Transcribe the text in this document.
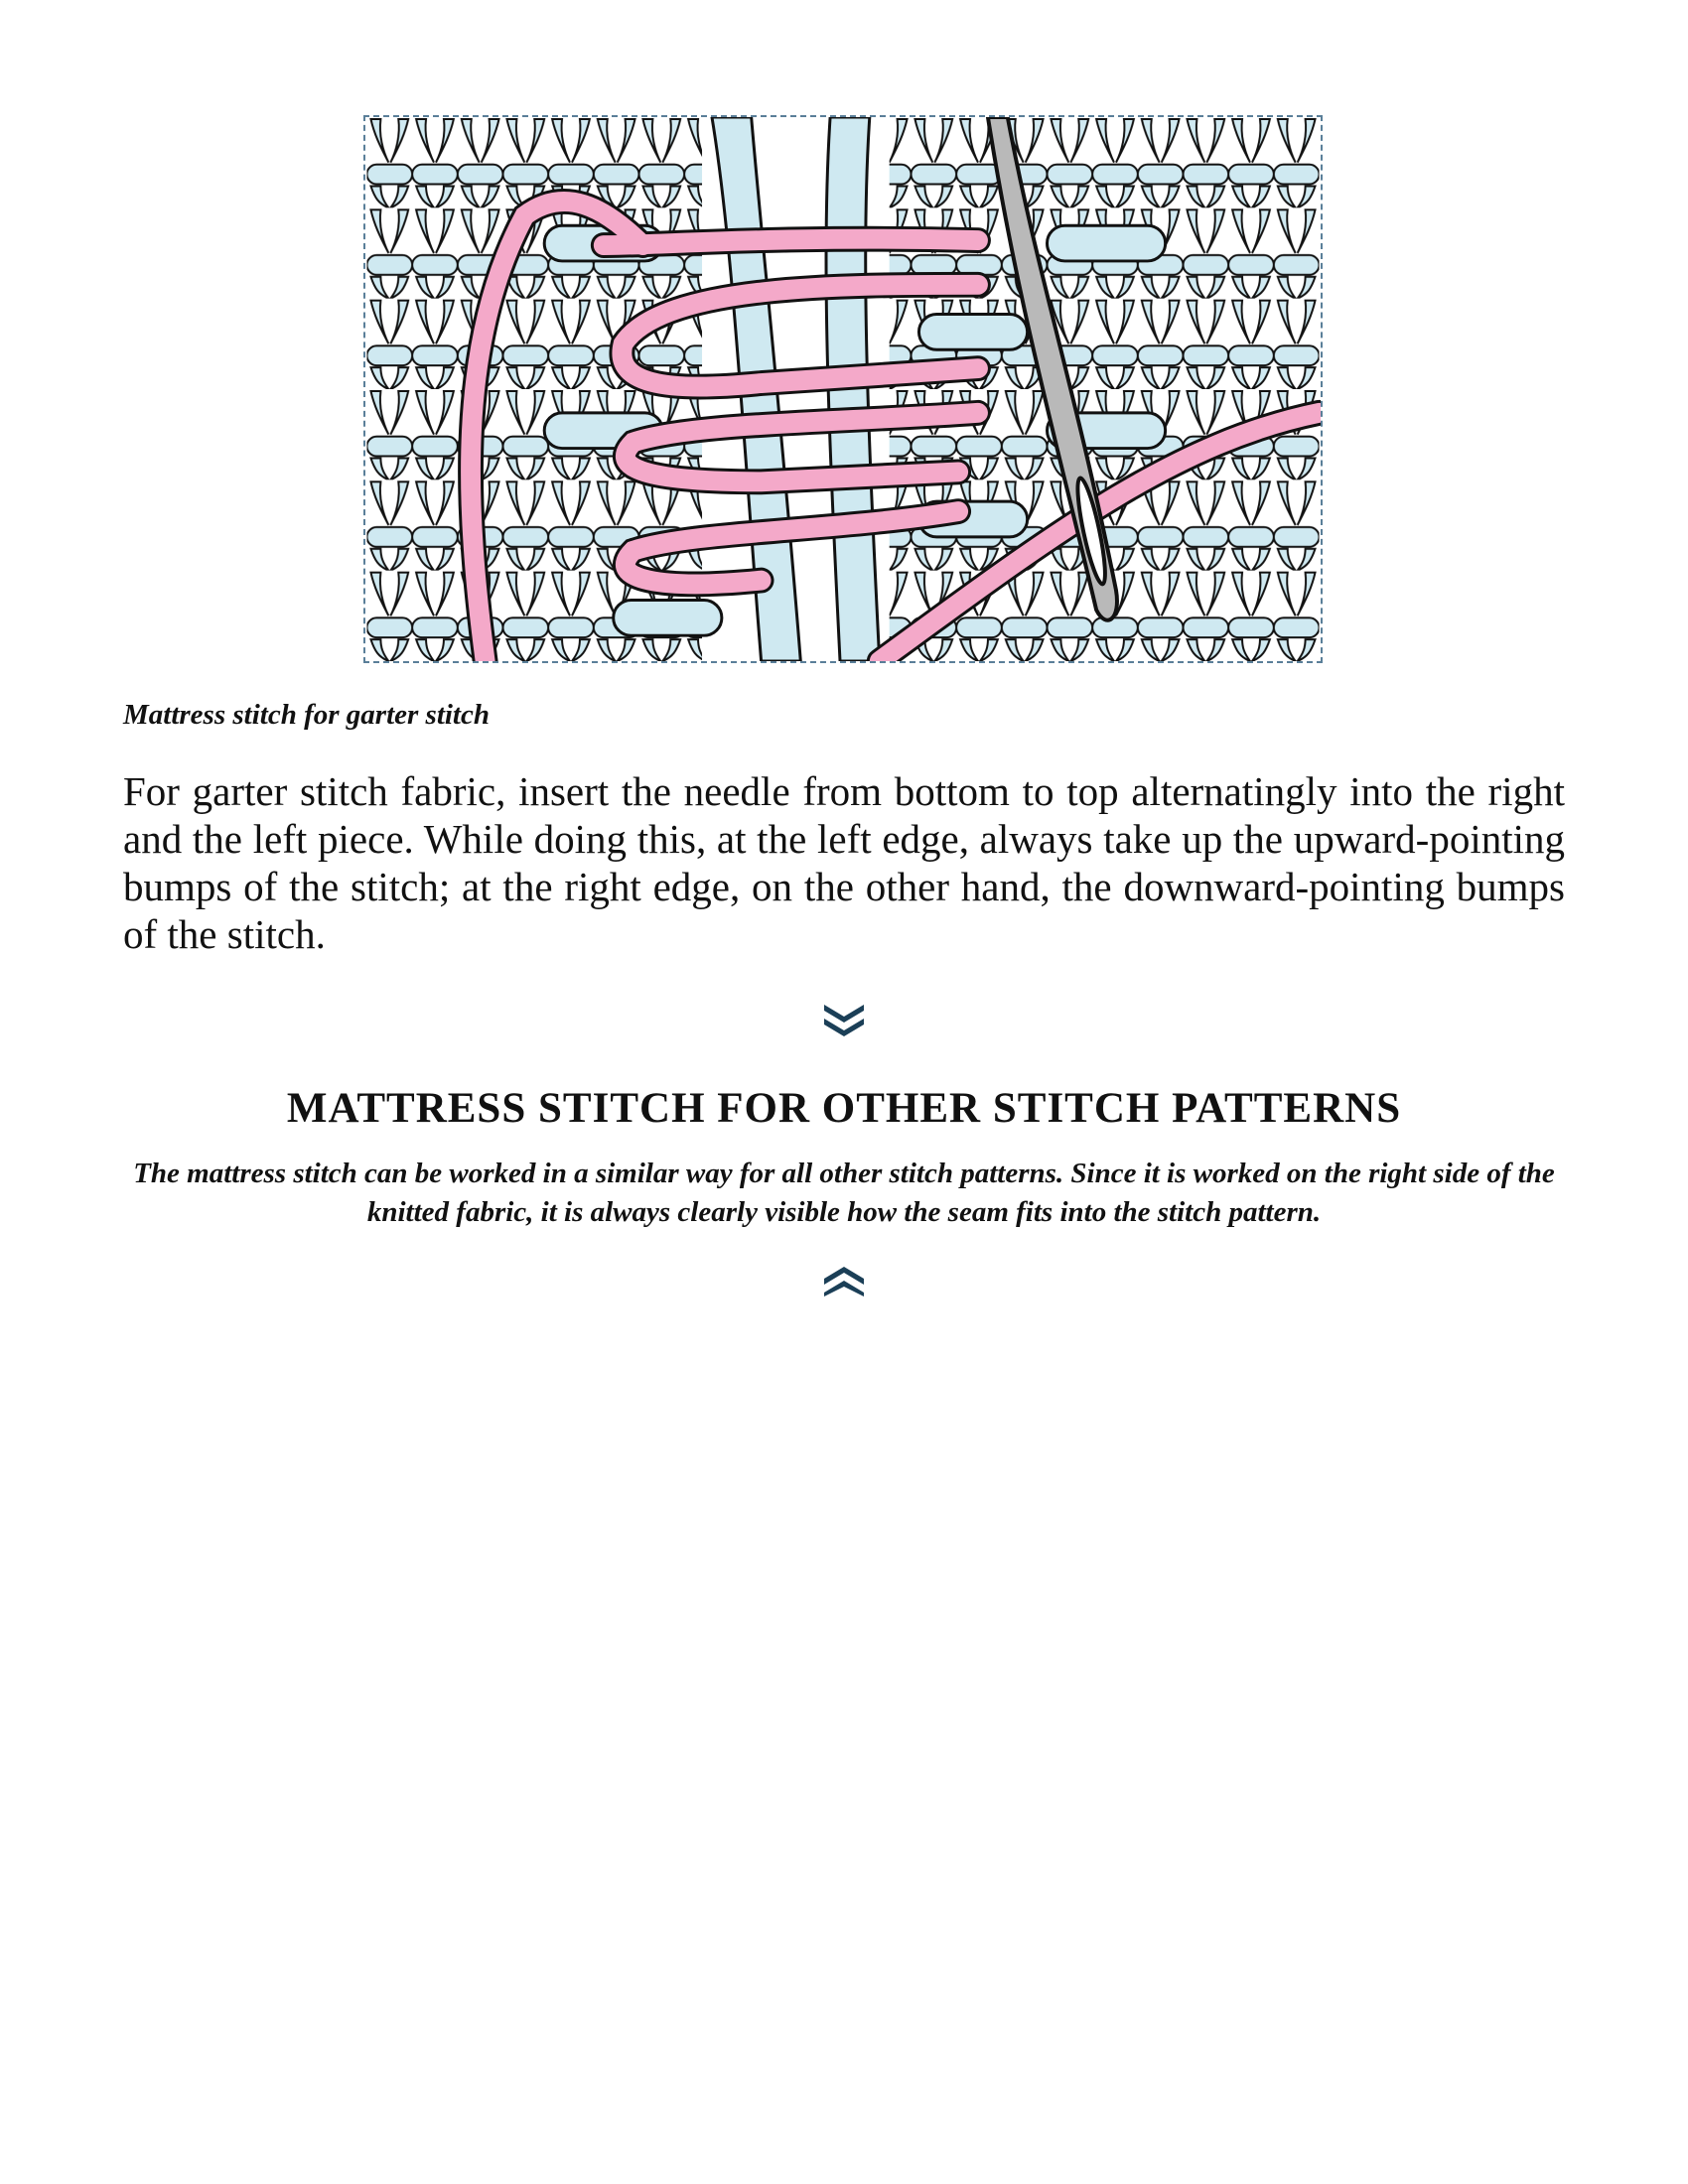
Mattress stitch for garter stitch

For garter stitch fabric, insert the needle from bottom to top alternatingly into the right and the left piece. While doing this, at the left edge, always take up the upward-pointing bumps of the stitch; at the right edge, on the other hand, the downward-pointing bumps of the stitch.

MATTRESS STITCH FOR OTHER STITCH PATTERNS

The mattress stitch can be worked in a similar way for all other stitch patterns. Since it is worked on the right side of the knitted fabric, it is always clearly visible how the seam fits into the stitch pattern.
